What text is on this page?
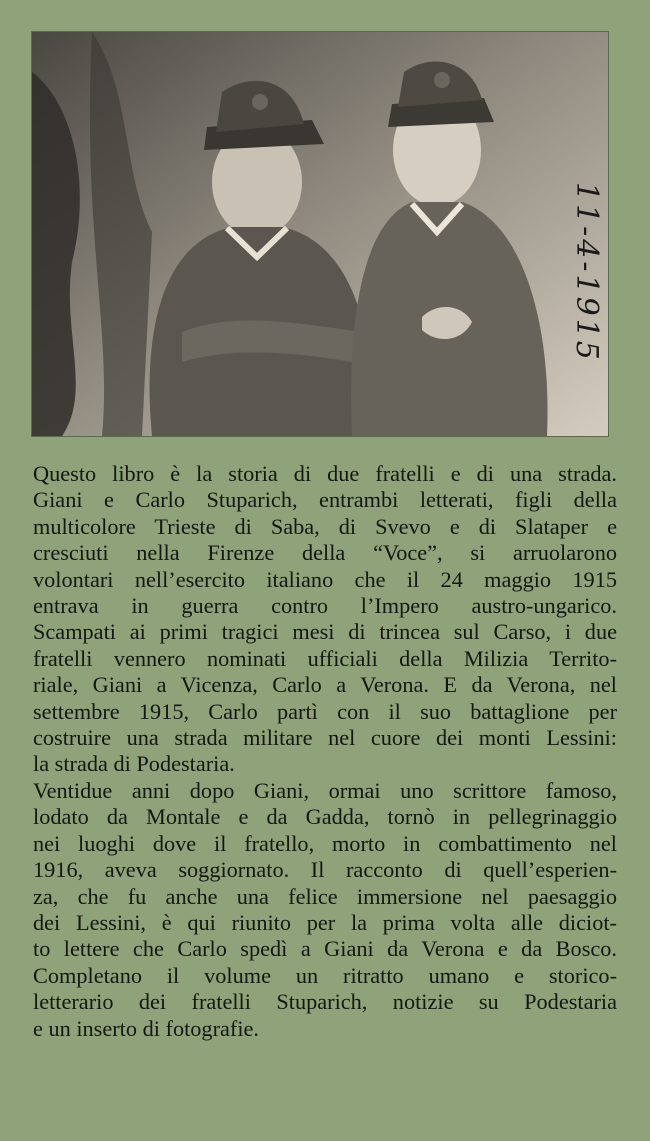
11-4-1915
Questo libro è la storia di due fratelli e di una strada.
Giani e Carlo Stuparich, entrambi letterati, figli della
multicolore Trieste di Saba, di Svevo e di Slataper e
cresciuti nella Firenze della “Voce”, si arruolarono
volontari nell’esercito italiano che il 24 maggio 1915
entrava in guerra contro l’Impero austro-ungarico.
Scampati ai primi tragici mesi di trincea sul Carso, i due
fratelli vennero nominati ufficiali della Milizia Territo-
riale, Giani a Vicenza, Carlo a Verona. E da Verona, nel
settembre 1915, Carlo partì con il suo battaglione per
costruire una strada militare nel cuore dei monti Lessini:
la strada di Podestaria.
Ventidue anni dopo Giani, ormai uno scrittore famoso,
lodato da Montale e da Gadda, tornò in pellegrinaggio
nei luoghi dove il fratello, morto in combattimento nel
1916, aveva soggiornato. Il racconto di quell’esperien-
za, che fu anche una felice immersione nel paesaggio
dei Lessini, è qui riunito per la prima volta alle diciot-
to lettere che Carlo spedì a Giani da Verona e da Bosco.
Completano il volume un ritratto umano e storico-
letterario dei fratelli Stuparich, notizie su Podestaria
e un inserto di fotografie.
